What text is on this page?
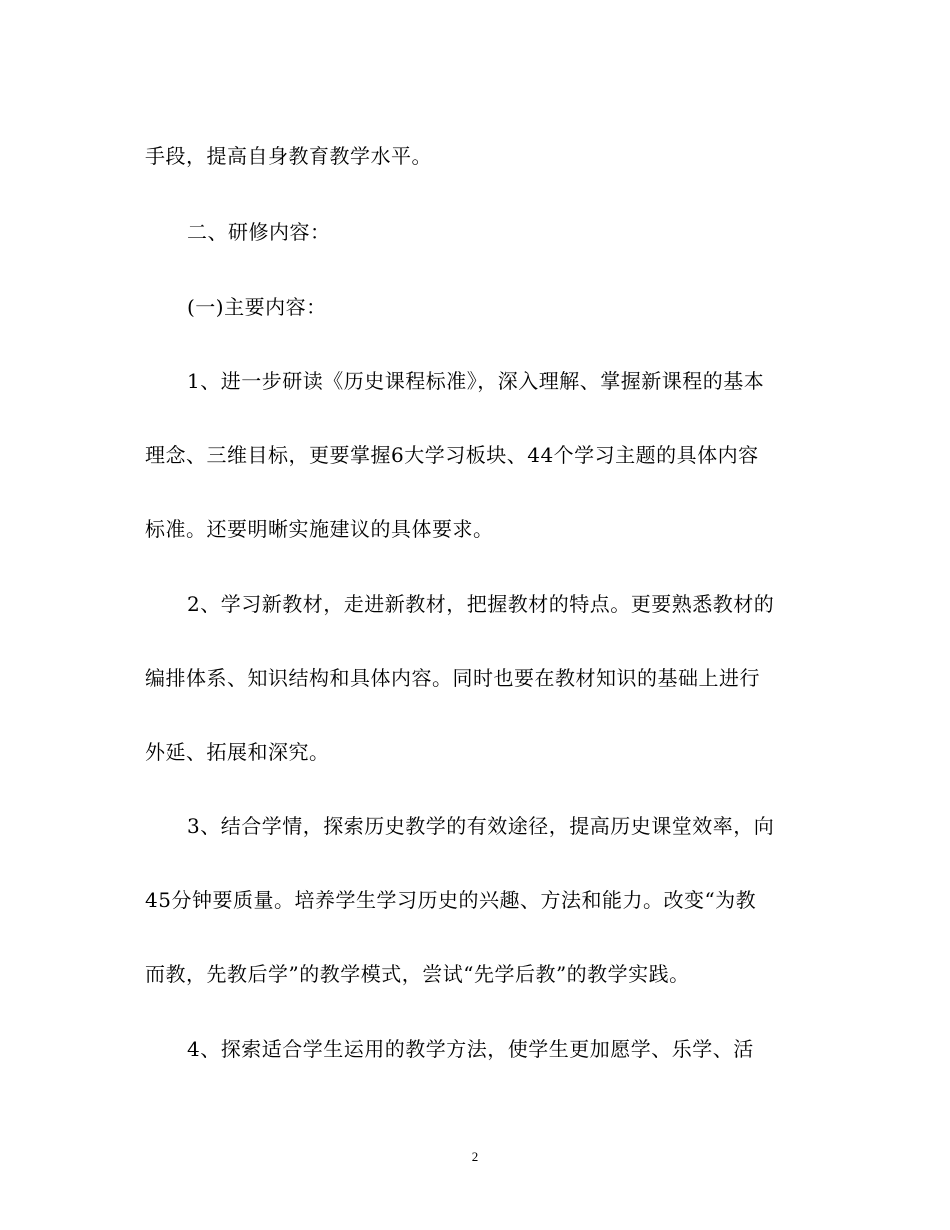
手段，提高自身教育教学水平。
二、研修内容：
(一)主要内容：
1、进一步研读《历史课程标准》，深入理解、掌握新课程的基本
理念、三维目标，更要掌握6大学习板块、44个学习主题的具体内容
标准。还要明晰实施建议的具体要求。
2、学习新教材，走进新教材，把握教材的特点。更要熟悉教材的
编排体系、知识结构和具体内容。同时也要在教材知识的基础上进行
外延、拓展和深究。
3、结合学情，探索历史教学的有效途径，提高历史课堂效率，向
45分钟要质量。培养学生学习历史的兴趣、方法和能力。改变“为教
而教，先教后学”的教学模式，尝试“先学后教”的教学实践。
4、探索适合学生运用的教学方法，使学生更加愿学、乐学、活
2
